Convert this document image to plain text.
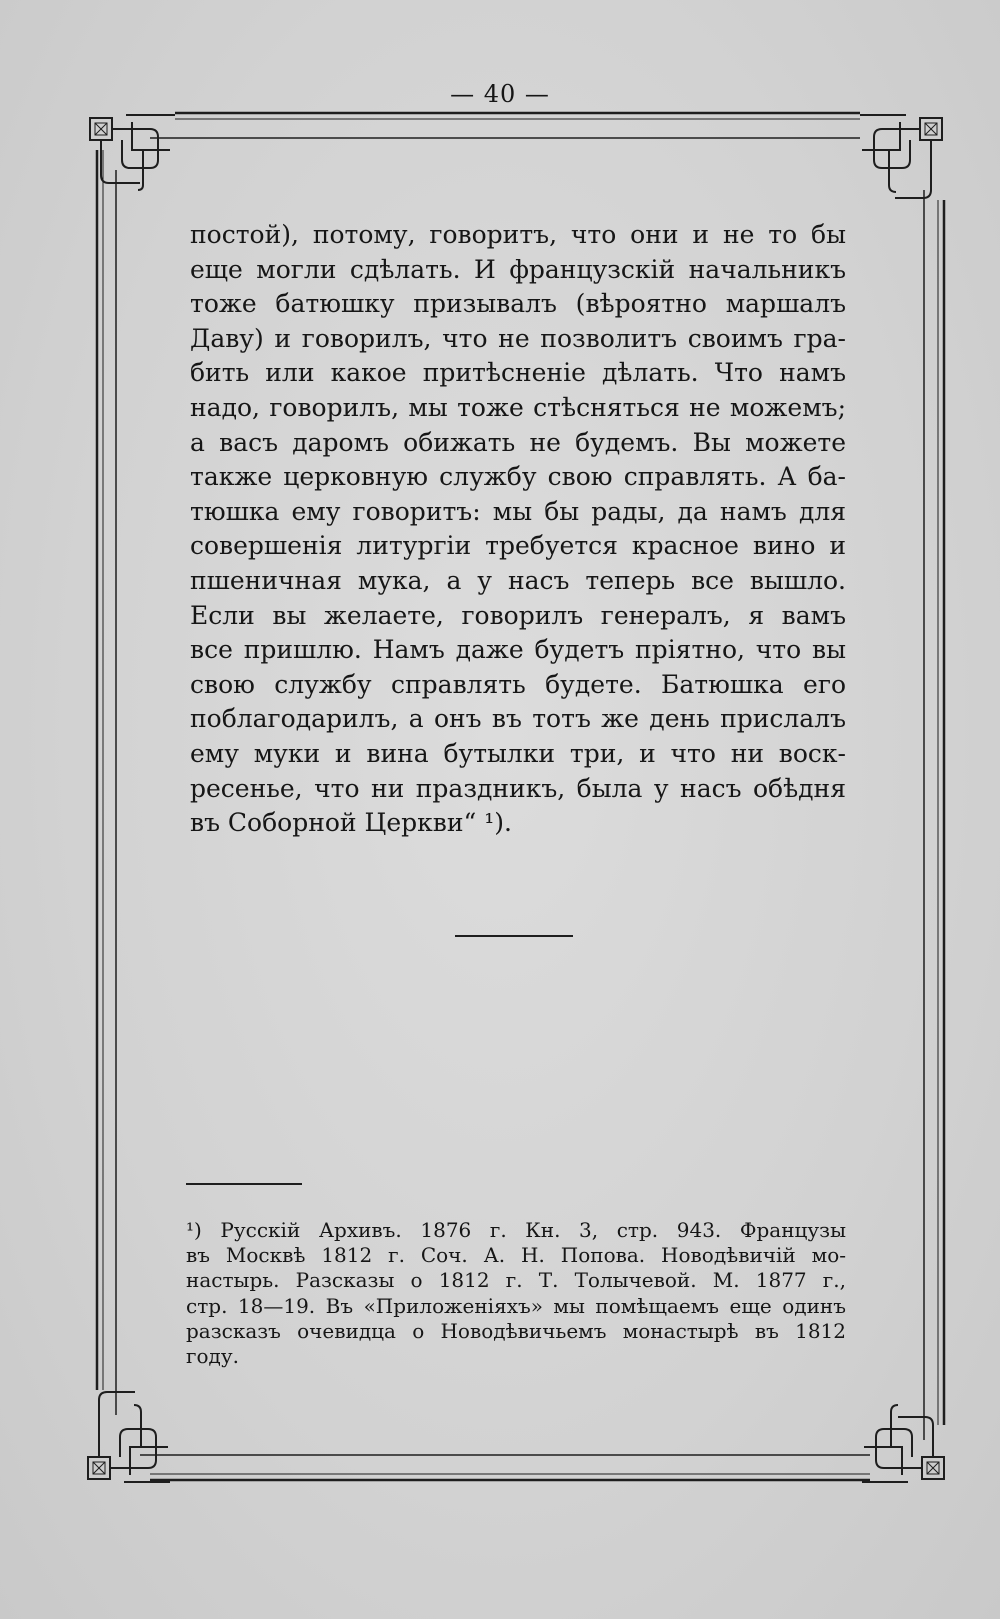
— 40 —
постой), потому, говоритъ, что они и не то бы
еще могли сдѣлать. И французскій начальникъ
тоже батюшку призывалъ (вѣроятно маршалъ
Даву) и говорилъ, что не позволитъ своимъ гра-
бить или какое притѣсненіе дѣлать. Что намъ
надо, говорилъ, мы тоже стѣсняться не можемъ;
а васъ даромъ обижать не будемъ. Вы можете
также церковную службу свою справлять. А ба-
тюшка ему говоритъ: мы бы рады, да намъ для
совершенія литургіи требуется красное вино и
пшеничная мука, а у насъ теперь все вышло.
Если вы желаете, говорилъ генералъ, я вамъ
все пришлю. Намъ даже будетъ пріятно, что вы
свою службу справлять будете. Батюшка его
поблагодарилъ, а онъ въ тотъ же день прислалъ
ему муки и вина бутылки три, и что ни воск-
ресенье, что ни праздникъ, была у насъ обѣдня
въ Соборной Церкви“ ¹).
¹) Русскій Архивъ. 1876 г. Кн. 3, стр. 943. Французы
въ Москвѣ 1812 г. Соч. А. Н. Попова. Новодѣвичій мо-
настырь. Разсказы о 1812 г. Т. Толычевой. М. 1877 г.,
стр. 18—19. Въ «Приложеніяхъ» мы помѣщаемъ еще одинъ
разсказъ очевидца о Новодѣвичьемъ монастырѣ въ 1812
году.
